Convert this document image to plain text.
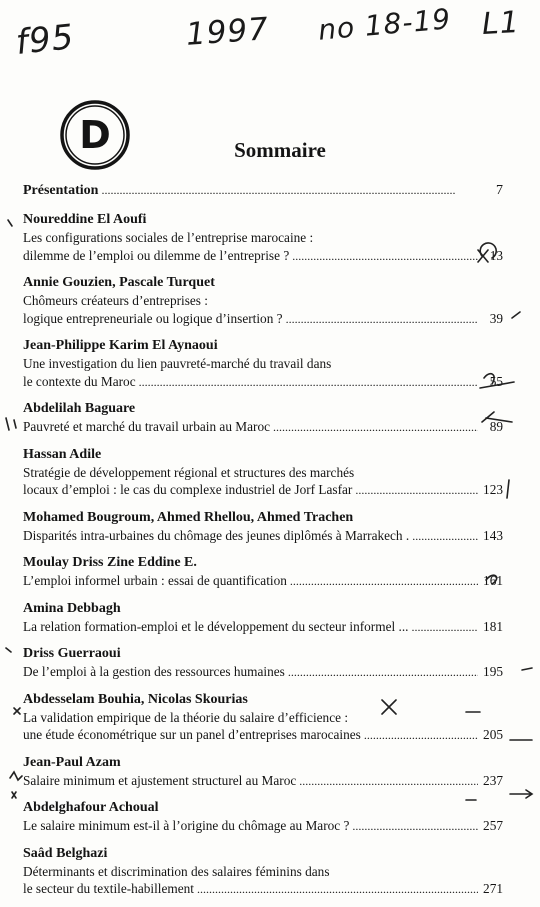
f95	1997 no 18-19 L1
D	Sommaire
Présentation . . .	7
Noureddine El Aoufi
Les configurations sociales de l’entreprise marocaine :
dilemme de l’emploi ou dilemme de l’entreprise ? . . .	13
Annie Gouzien, Pascale Turquet
Chômeurs créateurs d’entreprises :
logique entrepreneuriale ou logique d’insertion ? . . .	39
Jean-Philippe Karim El Aynaoui
Une investigation du lien pauvreté-marché du travail dans
le contexte du Maroc . . .	55
Abdelilah Baguare
Pauvreté et marché du travail urbain au Maroc . . .	89
Hassan Adile
Stratégie de développement régional et structures des marchés
locaux d’emploi : le cas du complexe industriel de Jorf Lasfar . . .	123
Mohamed Bougroum, Ahmed Rhellou, Ahmed Trachen
Disparités intra-urbaines du chômage des jeunes diplômés à Marrakech . . . .	143
Moulay Driss Zine Eddine E.
L’emploi informel urbain : essai de quantification . . .	161
Amina Debbagh
La relation formation-emploi et le développement du secteur informel ... . . .	181
Driss Guerraoui
De l’emploi à la gestion des ressources humaines . . .	195
Abdesselam Bouhia, Nicolas Skourias
La validation empirique de la théorie du salaire d’efficience :
une étude économétrique sur un panel d’entreprises marocaines . . .	205
Jean-Paul Azam
Salaire minimum et ajustement structurel au Maroc . . .	237
Abdelghafour Achoual
Le salaire minimum est-il à l’origine du chômage au Maroc ? . . .	257
Saâd Belghazi
Déterminants et discrimination des salaires féminins dans
le secteur du textile-habillement . . .	271
